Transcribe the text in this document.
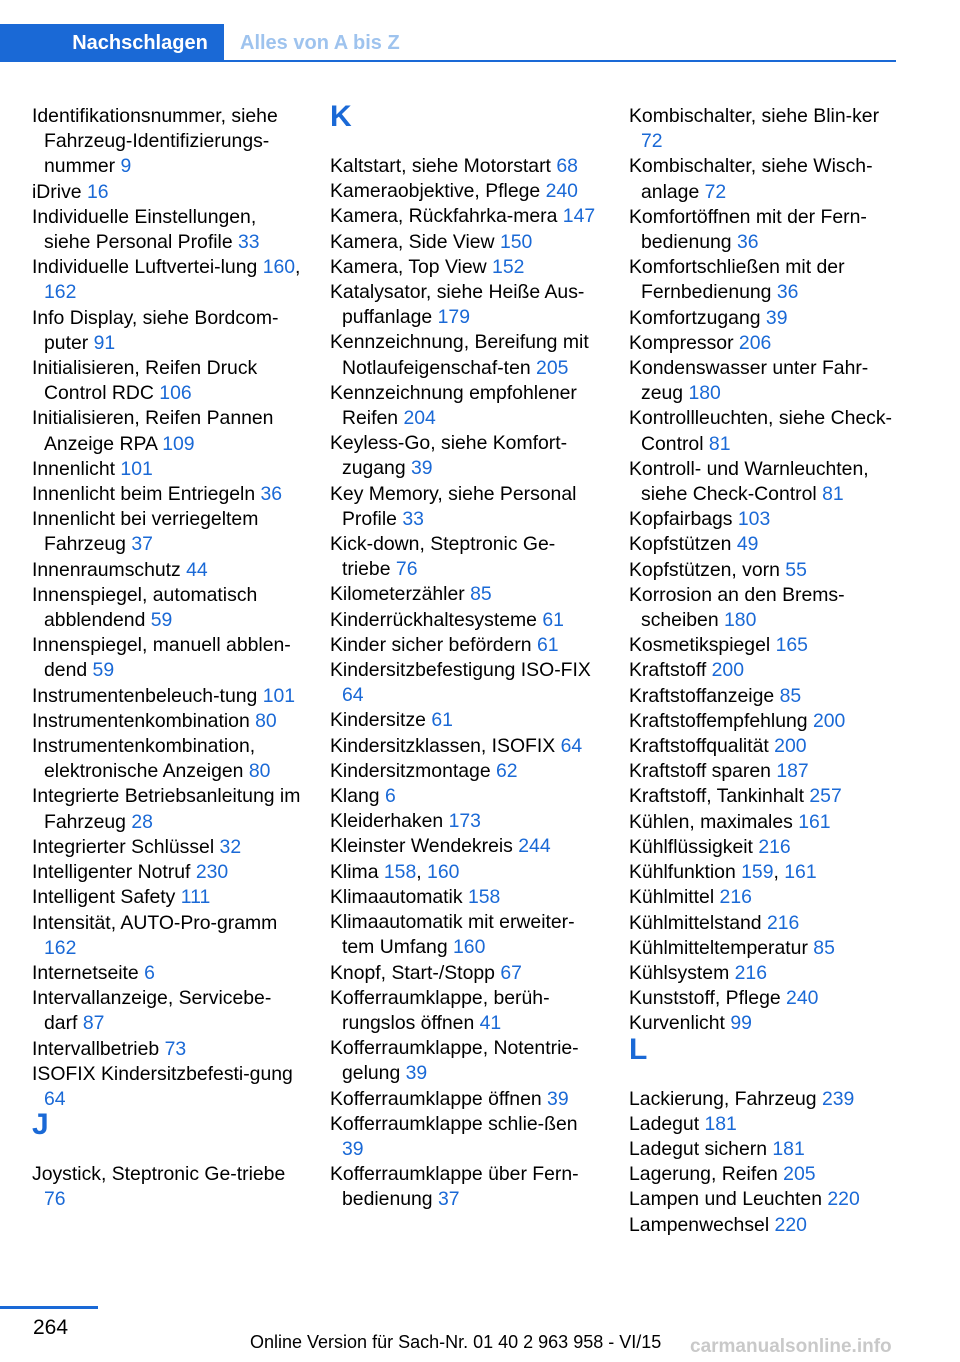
Nachschlagen	Alles von A bis Z
Identifikationsnummer, siehe Fahrzeug-Identifizierungs-nummer 9
iDrive 16
Individuelle Einstellungen, siehe Personal Profile 33
Individuelle Luftvertei-lung 160, 162
Info Display, siehe Bordcom-puter 91
Initialisieren, Reifen Druck Control RDC 106
Initialisieren, Reifen Pannen Anzeige RPA 109
Innenlicht 101
Innenlicht beim Entriegeln 36
Innenlicht bei verriegeltem Fahrzeug 37
Innenraumschutz 44
Innenspiegel, automatisch abblendend 59
Innenspiegel, manuell abblen-dend 59
Instrumentenbeleuch-tung 101
Instrumentenkombination 80
Instrumentenkombination, elektronische Anzeigen 80
Integrierte Betriebsanleitung im Fahrzeug 28
Integrierter Schlüssel 32
Intelligenter Notruf 230
Intelligent Safety 111
Intensität, AUTO-Pro-gramm 162
Internetseite 6
Intervallanzeige, Servicebe-darf 87
Intervallbetrieb 73
ISOFIX Kindersitzbefesti-gung 64
J
Joystick, Steptronic Ge-triebe 76
K
Kaltstart, siehe Motorstart 68
Kameraobjektive, Pflege 240
Kamera, Rückfahrka-mera 147
Kamera, Side View 150
Kamera, Top View 152
Katalysator, siehe Heiße Aus-puffanlage 179
Kennzeichnung, Bereifung mit Notlaufeigenschaf-ten 205
Kennzeichnung empfohlener Reifen 204
Keyless-Go, siehe Komfort-zugang 39
Key Memory, siehe Personal Profile 33
Kick-down, Steptronic Ge-triebe 76
Kilometerzähler 85
Kinderrückhaltesysteme 61
Kinder sicher befördern 61
Kindersitzbefestigung ISO-FIX 64
Kindersitze 61
Kindersitzklassen, ISOFIX 64
Kindersitzmontage 62
Klang 6
Kleiderhaken 173
Kleinster Wendekreis 244
Klima 158, 160
Klimaautomatik 158
Klimaautomatik mit erweiter-tem Umfang 160
Knopf, Start-/Stopp 67
Kofferraumklappe, berüh-rungslos öffnen 41
Kofferraumklappe, Notentrie-gelung 39
Kofferraumklappe öffnen 39
Kofferraumklappe schlie-ßen 39
Kofferraumklappe über Fern-bedienung 37
Kombischalter, siehe Blin-ker 72
Kombischalter, siehe Wisch-anlage 72
Komfortöffnen mit der Fern-bedienung 36
Komfortschließen mit der Fernbedienung 36
Komfortzugang 39
Kompressor 206
Kondenswasser unter Fahr-zeug 180
Kontrollleuchten, siehe Check-Control 81
Kontroll- und Warnleuchten, siehe Check-Control 81
Kopfairbags 103
Kopfstützen 49
Kopfstützen, vorn 55
Korrosion an den Brems-scheiben 180
Kosmetikspiegel 165
Kraftstoff 200
Kraftstoffanzeige 85
Kraftstoffempfehlung 200
Kraftstoffqualität 200
Kraftstoff sparen 187
Kraftstoff, Tankinhalt 257
Kühlen, maximales 161
Kühlflüssigkeit 216
Kühlfunktion 159, 161
Kühlmittel 216
Kühlmittelstand 216
Kühlmitteltemperatur 85
Kühlsystem 216
Kunststoff, Pflege 240
Kurvenlicht 99
L
Lackierung, Fahrzeug 239
Ladegut 181
Ladegut sichern 181
Lagerung, Reifen 205
Lampen und Leuchten 220
Lampenwechsel 220
264
Online Version für Sach-Nr. 01 40 2 963 958 - VI/15 carmanualsonline.info
